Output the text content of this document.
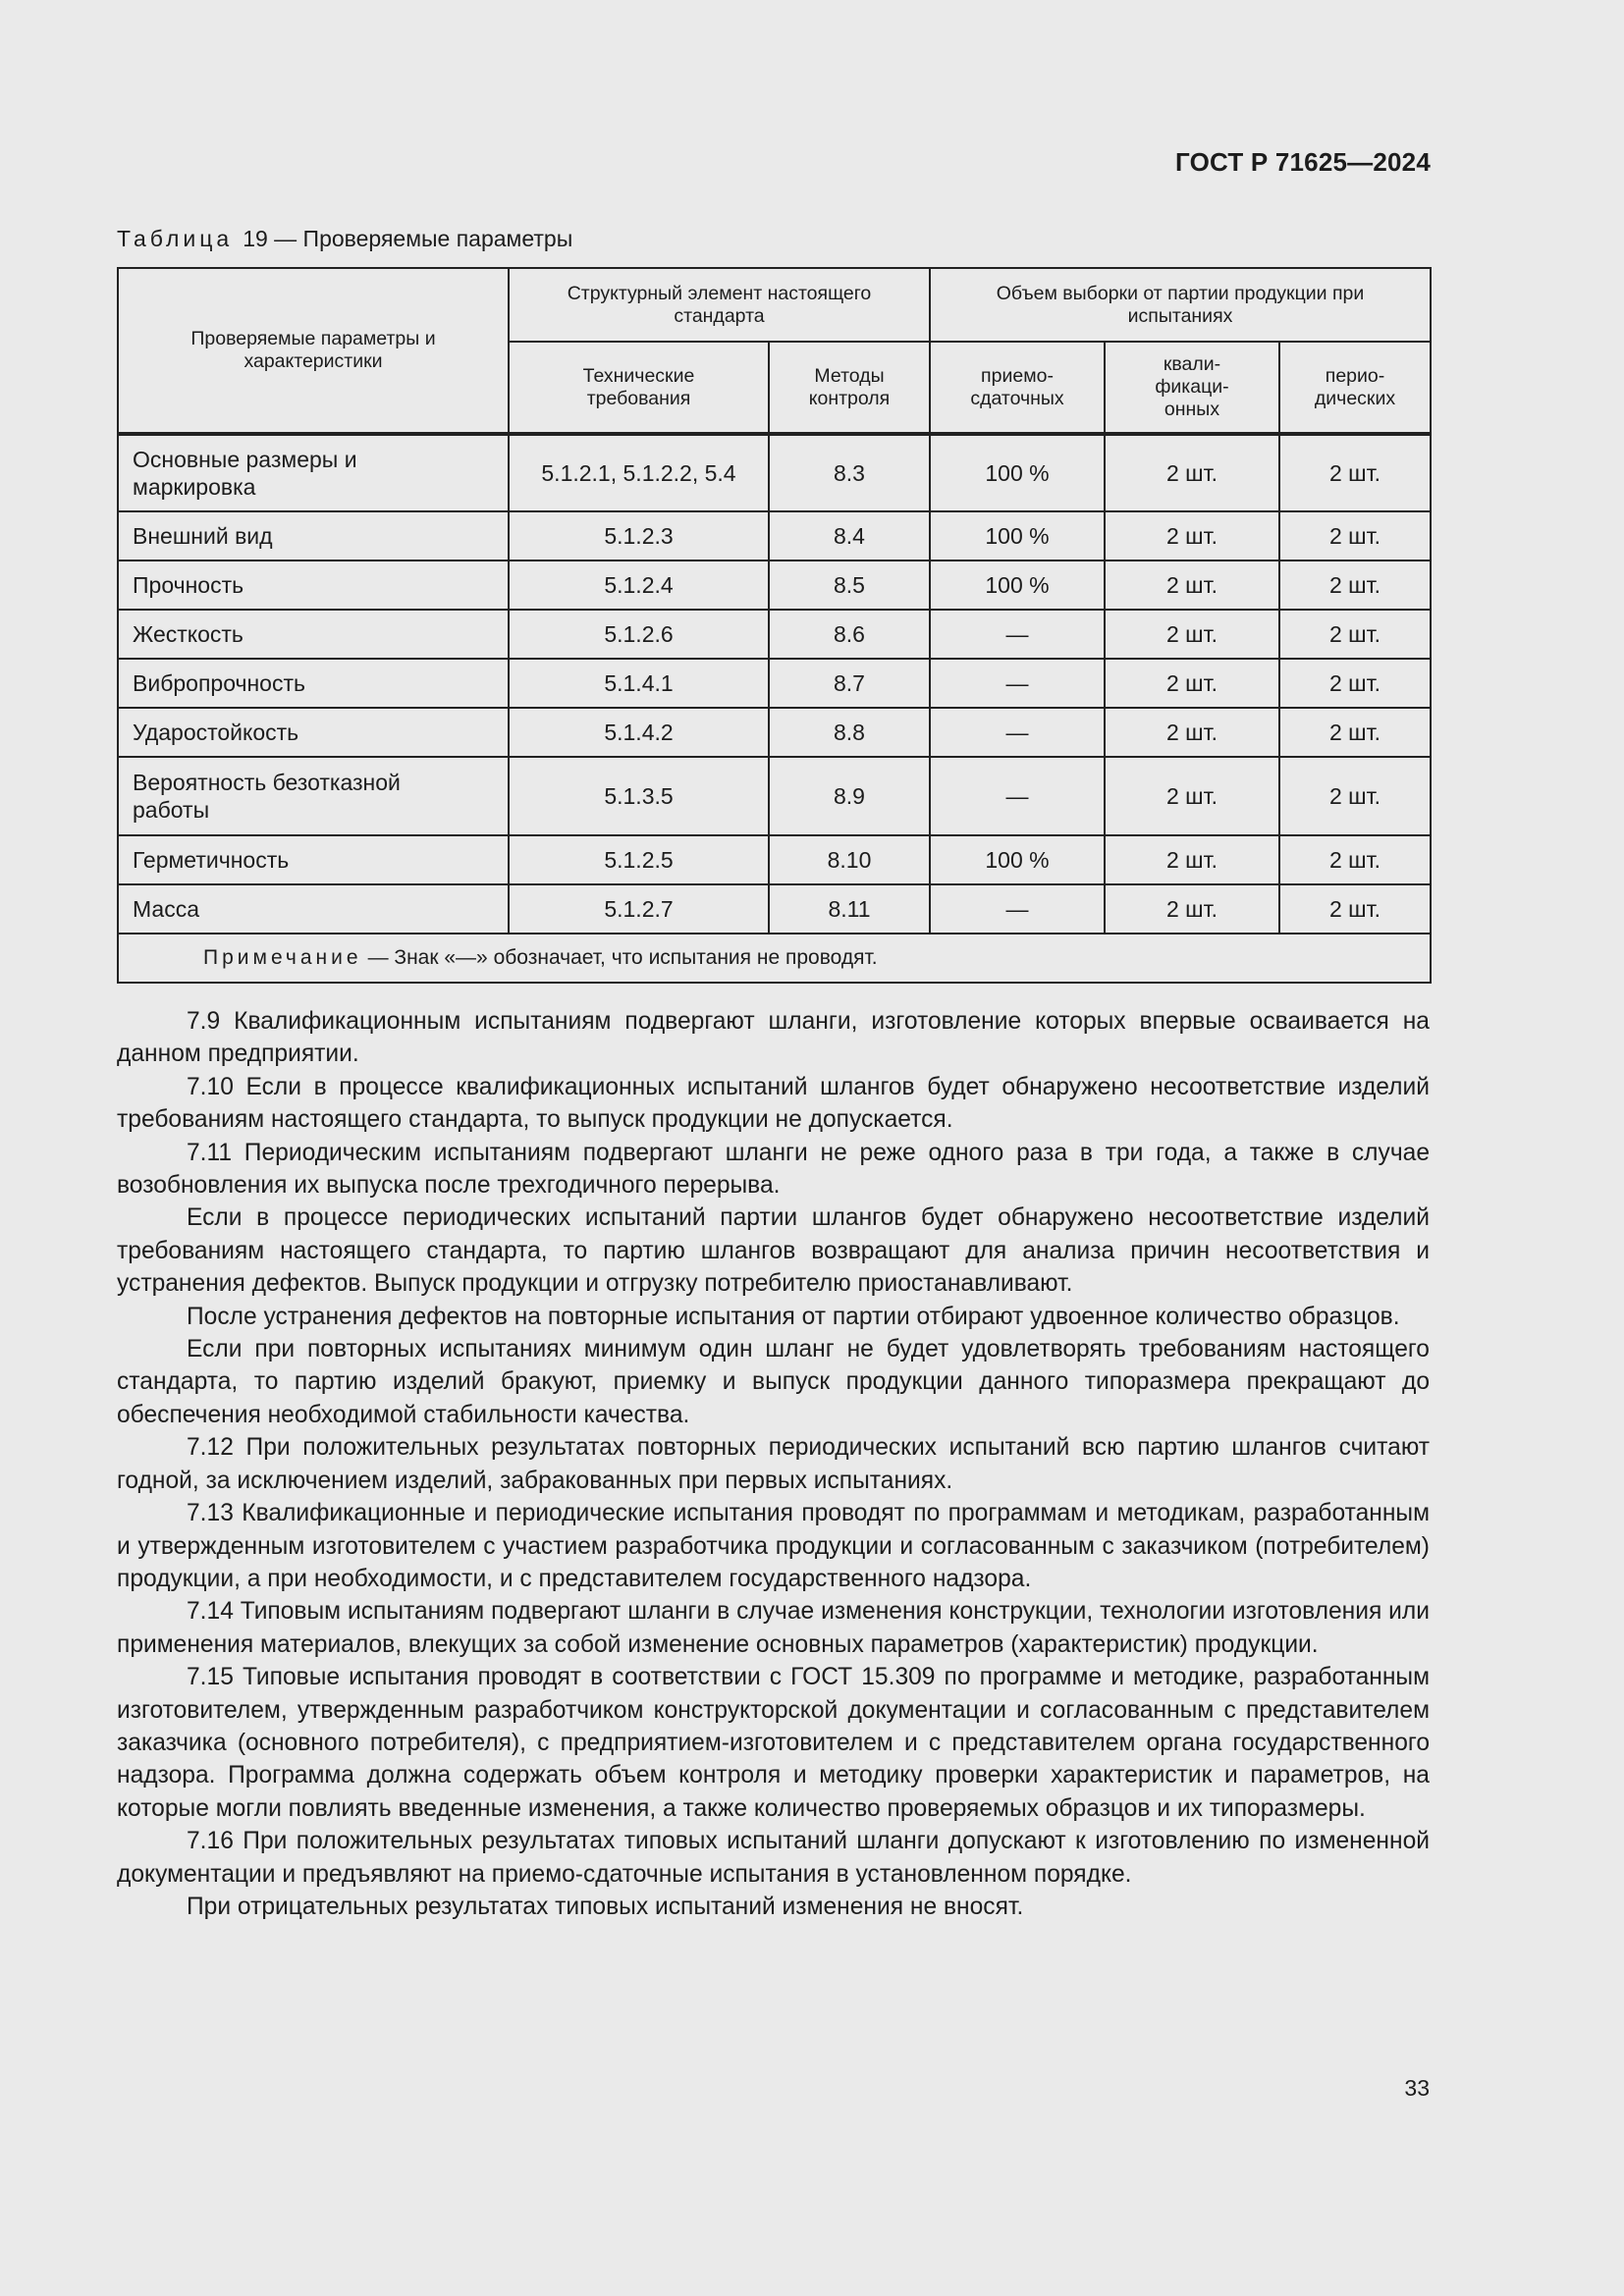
ГОСТ Р 71625—2024
Таблица 19 — Проверяемые параметры
Проверяемые параметры и характеристики	Структурный элемент настоящего стандарта		Объем выборки от партии продукции при испытаниях		

	Технические требования	Методы контроля	приемо-сдаточных	квали-фикаци-онных	перио-дических

Основные размеры и маркировка	5.1.2.1, 5.1.2.2, 5.4	8.3	100 %	2 шт.	2 шт.
Внешний вид	5.1.2.3	8.4	100 %	2 шт.	2 шт.
Прочность	5.1.2.4	8.5	100 %	2 шт.	2 шт.
Жесткость	5.1.2.6	8.6	—	2 шт.	2 шт.
Вибропрочность	5.1.4.1	8.7	—	2 шт.	2 шт.
Ударостойкость	5.1.4.2	8.8	—	2 шт.	2 шт.

Вероятность безотказной работы	5.1.3.5	8.9	—	2 шт.	2 шт.
Герметичность	5.1.2.5	8.10	100 %	2 шт.	2 шт.
Масса	5.1.2.7	8.11	—	2 шт.	2 шт.
Примечание — Знак «—» обозначает, что испытания не проводят.					

7.9 Квалификационным испытаниям подвергают шланги, изготовление которых впервые осваивается на данном предприятии.

7.10 Если в процессе квалификационных испытаний шлангов будет обнаружено несоответствие изделий требованиям настоящего стандарта, то выпуск продукции не допускается.

7.11 Периодическим испытаниям подвергают шланги не реже одного раза в три года, а также в случае возобновления их выпуска после трехгодичного перерыва.

Если в процессе периодических испытаний партии шлангов будет обнаружено несоответствие изделий требованиям настоящего стандарта, то партию шлангов возвращают для анализа причин несоответствия и устранения дефектов. Выпуск продукции и отгрузку потребителю приостанавливают.

После устранения дефектов на повторные испытания от партии отбирают удвоенное количество образцов.

Если при повторных испытаниях минимум один шланг не будет удовлетворять требованиям настоящего стандарта, то партию изделий бракуют, приемку и выпуск продукции данного типоразмера прекращают до обеспечения необходимой стабильности качества.

7.12 При положительных результатах повторных периодических испытаний всю партию шлангов считают годной, за исключением изделий, забракованных при первых испытаниях.

7.13 Квалификационные и периодические испытания проводят по программам и методикам, разработанным и утвержденным изготовителем с участием разработчика продукции и согласованным с заказчиком (потребителем) продукции, а при необходимости, и с представителем государственного надзора.

7.14 Типовым испытаниям подвергают шланги в случае изменения конструкции, технологии изготовления или применения материалов, влекущих за собой изменение основных параметров (характеристик) продукции.

7.15 Типовые испытания проводят в соответствии с ГОСТ 15.309 по программе и методике, разработанным изготовителем, утвержденным разработчиком конструкторской документации и согласованным с представителем заказчика (основного потребителя), с предприятием-изготовителем и с представителем органа государственного надзора. Программа должна содержать объем контроля и методику проверки характеристик и параметров, на которые могли повлиять введенные изменения, а также количество проверяемых образцов и их типоразмеры.

7.16 При положительных результатах типовых испытаний шланги допускают к изготовлению по измененной документации и предъявляют на приемо-сдаточные испытания в установленном порядке.

При отрицательных результатах типовых испытаний изменения не вносят.

33
